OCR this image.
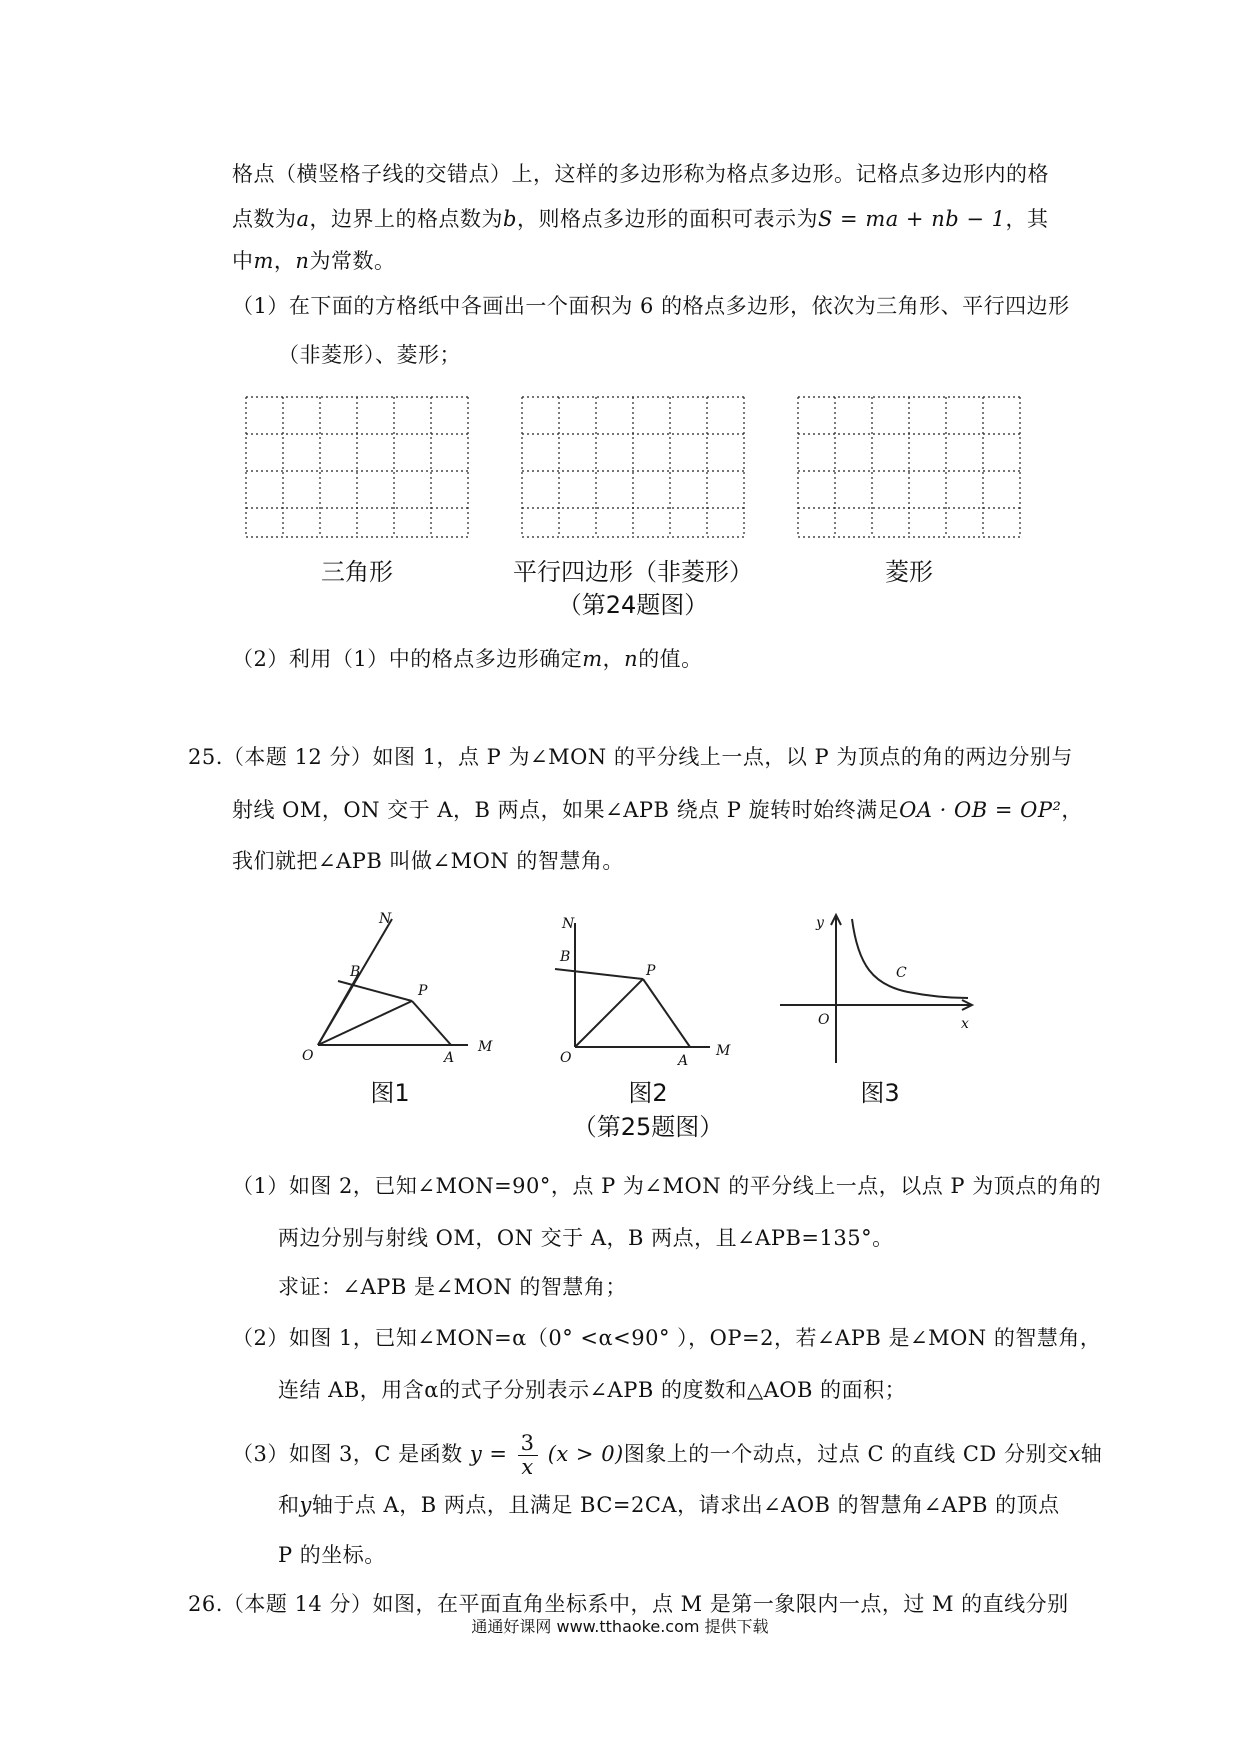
格点（横竖格子线的交错点）上，这样的多边形称为格点多边形。记格点多边形内的格
点数为a，边界上的格点数为b，则格点多边形的面积可表示为S = ma + nb − 1，其
中m，n为常数。
（1）在下面的方格纸中各画出一个面积为 6 的格点多边形，依次为三角形、平行四边形
（非菱形）、菱形；
三角形	平行四边形（非菱形）	菱形
（第24题图）
（2）利用（1）中的格点多边形确定m，n的值。
25.（本题 12 分）如图 1，点 P 为∠MON 的平分线上一点，以 P 为顶点的角的两边分别与
射线 OM，ON 交于 A，B 两点，如果∠APB 绕点 P 旋转时始终满足OA · OB = OP²，
我们就把∠APB 叫做∠MON 的智慧角。
N
B
P
O	A
M
N
B
P
O	A
M
y
C
O	x
图1	图2	图3
（第25题图）
（1）如图 2，已知∠MON=90°，点 P 为∠MON 的平分线上一点，以点 P 为顶点的角的
两边分别与射线 OM，ON 交于 A，B 两点，且∠APB=135°。
求证：∠APB 是∠MON 的智慧角；
（2）如图 1，已知∠MON=α（0° <α<90° ），OP=2，若∠APB 是∠MON 的智慧角，
连结 AB，用含α的式子分别表示∠APB 的度数和△AOB 的面积；
（3）如图 3，C 是函数 $y = \frac{3}{x} (x > 0)$图象上的一个动点，过点 C 的直线 CD 分别交x轴
和y轴于点 A，B 两点，且满足 BC=2CA，请求出∠AOB 的智慧角∠APB 的顶点
P 的坐标。
26.（本题 14 分）如图，在平面直角坐标系中，点 M 是第一象限内一点，过 M 的直线分别
通通好课网 www.tthaoke.com 提供下载
